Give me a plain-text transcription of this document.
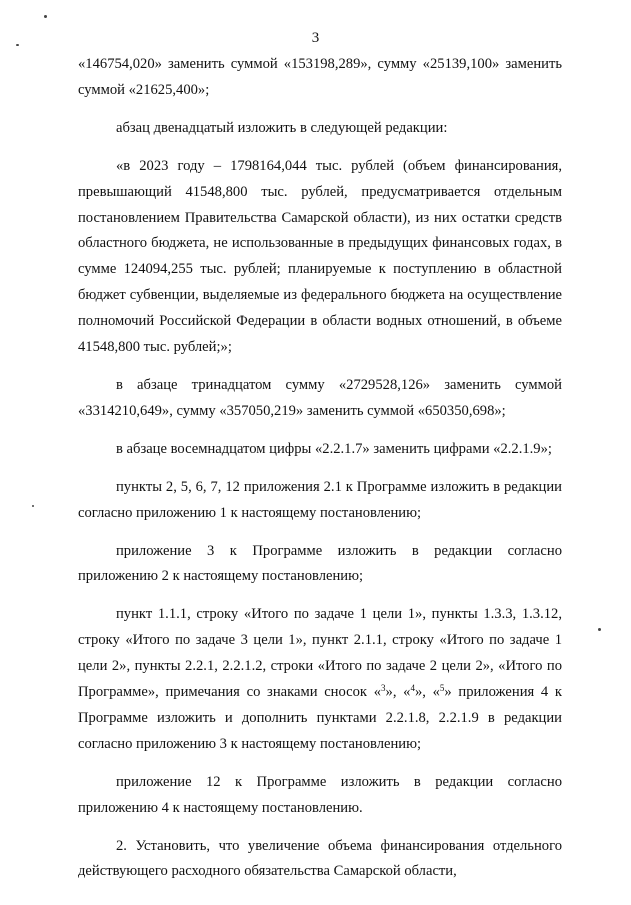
3

«146754,020» заменить суммой «153198,289», сумму «25139,100» заменить суммой «21625,400»;

абзац двенадцатый изложить в следующей редакции:

«в 2023 году – 1798164,044 тыс. рублей (объем финансирования, превышающий 41548,800 тыс. рублей, предусматривается отдельным постановлением Правительства Самарской области), из них остатки средств областного бюджета, не использованные в предыдущих финансовых годах, в сумме 124094,255 тыс. рублей; планируемые к поступлению в областной бюджет субвенции, выделяемые из федерального бюджета на осуществление полномочий Российской Федерации в области водных отношений, в объеме 41548,800 тыс. рублей;»;

в абзаце тринадцатом сумму «2729528,126» заменить суммой «3314210,649», сумму «357050,219» заменить суммой «650350,698»;

в абзаце восемнадцатом цифры «2.2.1.7» заменить цифрами «2.2.1.9»;

пункты 2, 5, 6, 7, 12 приложения 2.1 к Программе изложить в редакции согласно приложению 1 к настоящему постановлению;

приложение 3 к Программе изложить в редакции согласно приложению 2 к настоящему постановлению;

пункт 1.1.1, строку «Итого по задаче 1 цели 1», пункты 1.3.3, 1.3.12, строку «Итого по задаче 3 цели 1», пункт 2.1.1, строку «Итого по задаче 1 цели 2», пункты 2.2.1, 2.2.1.2, строки «Итого по задаче 2 цели 2», «Итого по Программе», примечания со знаками сносок «$^3$», «$^4$», «$^5$» приложения 4 к Программе изложить и дополнить пунктами 2.2.1.8, 2.2.1.9 в редакции согласно приложению 3 к настоящему постановлению;

приложение 12 к Программе изложить в редакции согласно приложению 4 к настоящему постановлению.

2. Установить, что увеличение объема финансирования отдельного действующего расходного обязательства Самарской области,
